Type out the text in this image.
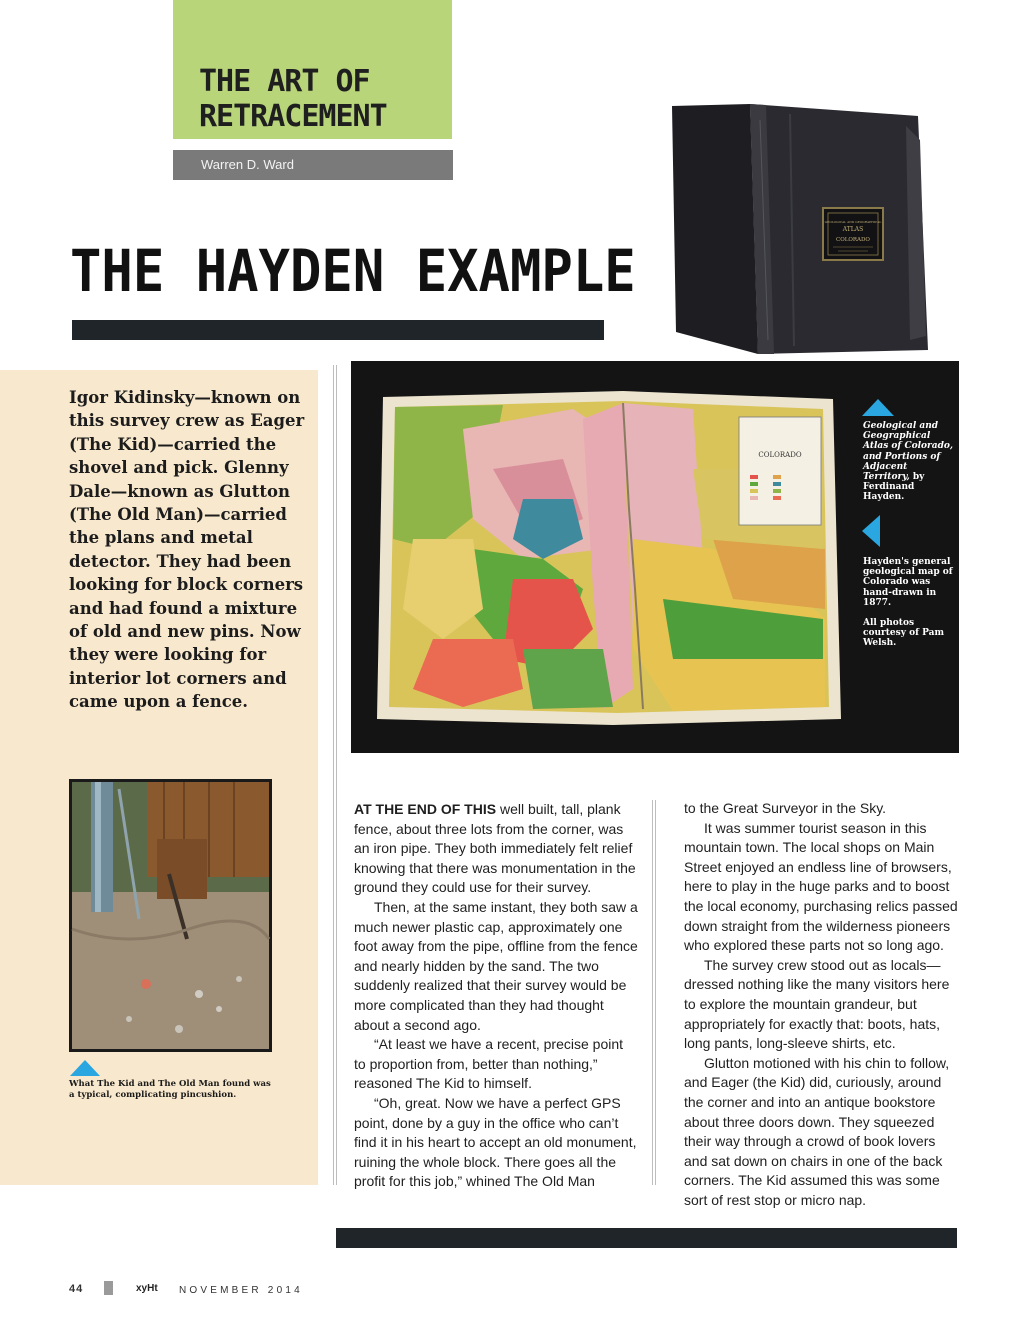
THE ART OF RETRACEMENT
Warren D. Ward
THE HAYDEN EXAMPLE
GEOLOGICAL AND GEOGRAPHICAL
ATLAS
COLORADO

Igor Kidinsky—known on this survey crew as Eager (The Kid)—carried the shovel and pick. Glenny Dale—known as Glutton (The Old Man)—carried the plans and metal detector. They had been looking for block corners and had found a mixture of old and new pins. Now they were looking for interior lot corners and came upon a fence.

What The Kid and The Old Man found was a typical, complicating pincushion.

COLORADO

Geological and Geographical Atlas of Colorado, and Portions of Adjacent Territory, by Ferdinand Hayden.

Hayden's general geological map of Colorado was hand-drawn in 1877.

All photos courtesy of Pam Welsh.

AT THE END OF THIS well built, tall, plank fence, about three lots from the corner, was an iron pipe. They both immediately felt relief knowing that there was monumentation in the ground they could use for their survey.

Then, at the same instant, they both saw a much newer plastic cap, approximately one foot away from the pipe, offline from the fence and nearly hidden by the sand. The two suddenly realized that their survey would be more complicated than they had thought about a second ago.

“At least we have a recent, precise point to proportion from, better than nothing,” reasoned The Kid to himself.

“Oh, great. Now we have a perfect GPS point, done by a guy in the office who can’t find it in his heart to accept an old monument, ruining the whole block. There goes all the profit for this job,” whined The Old Man

to the Great Surveyor in the Sky.

It was summer tourist season in this mountain town. The local shops on Main Street enjoyed an endless line of browsers, here to play in the huge parks and to boost the local economy, purchasing relics passed down straight from the wilderness pioneers who explored these parts not so long ago.

The survey crew stood out as locals—dressed nothing like the many visitors here to explore the mountain grandeur, but appropriately for exactly that: boots, hats, long pants, long-sleeve shirts, etc.

Glutton motioned with his chin to follow, and Eager (the Kid) did, curiously, around the corner and into an antique bookstore about three doors down. They squeezed their way through a crowd of book lovers and sat down on chairs in one of the back corners. The Kid assumed this was some sort of rest stop or micro nap.

44	xyHt NOVEMBER 2014
